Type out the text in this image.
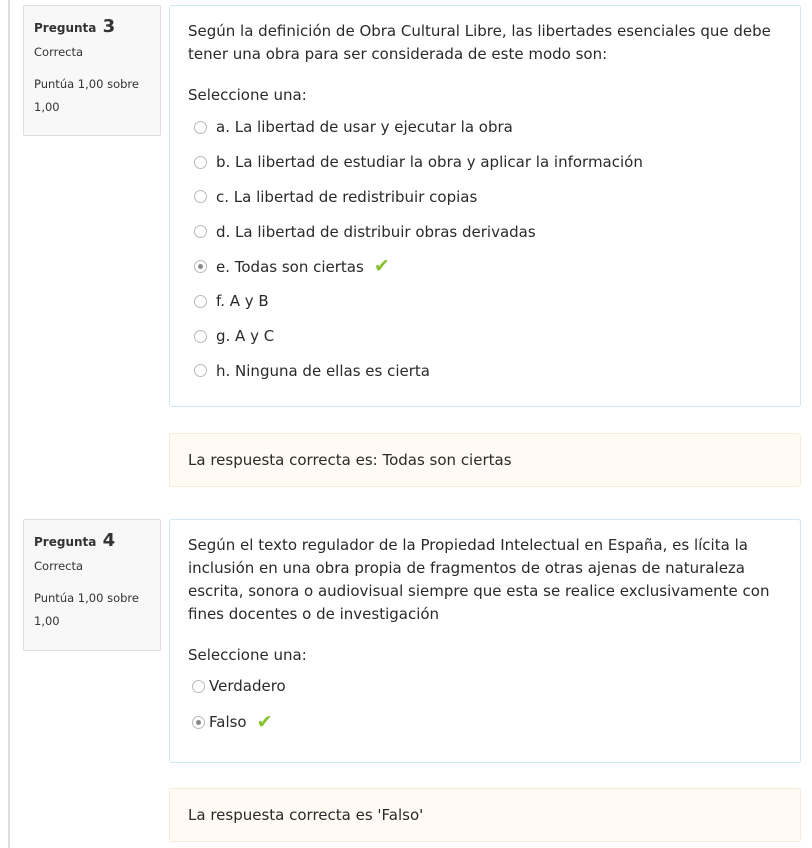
Pregunta 3
Correcta
Puntúa 1,00 sobre 1,00

Según la definición de Obra Cultural Libre, las libertades esenciales que debe tener una obra para ser considerada de este modo son:

Seleccione una:
a. La libertad de usar y ejecutar la obra
b. La libertad de estudiar la obra y aplicar la información
c. La libertad de redistribuir copias
d. La libertad de distribuir obras derivadas
e. Todas son ciertas ✔
f. A y B
g. A y C
h. Ninguna de ellas es cierta
La respuesta correcta es: Todas son ciertas
Pregunta 4
Correcta
Puntúa 1,00 sobre 1,00

Según el texto regulador de la Propiedad Intelectual en España, es lícita la inclusión en una obra propia de fragmentos de otras ajenas de naturaleza escrita, sonora o audiovisual siempre que esta se realice exclusivamente con fines docentes o de investigación

Seleccione una:
Verdadero
Falso ✔
La respuesta correcta es 'Falso'
